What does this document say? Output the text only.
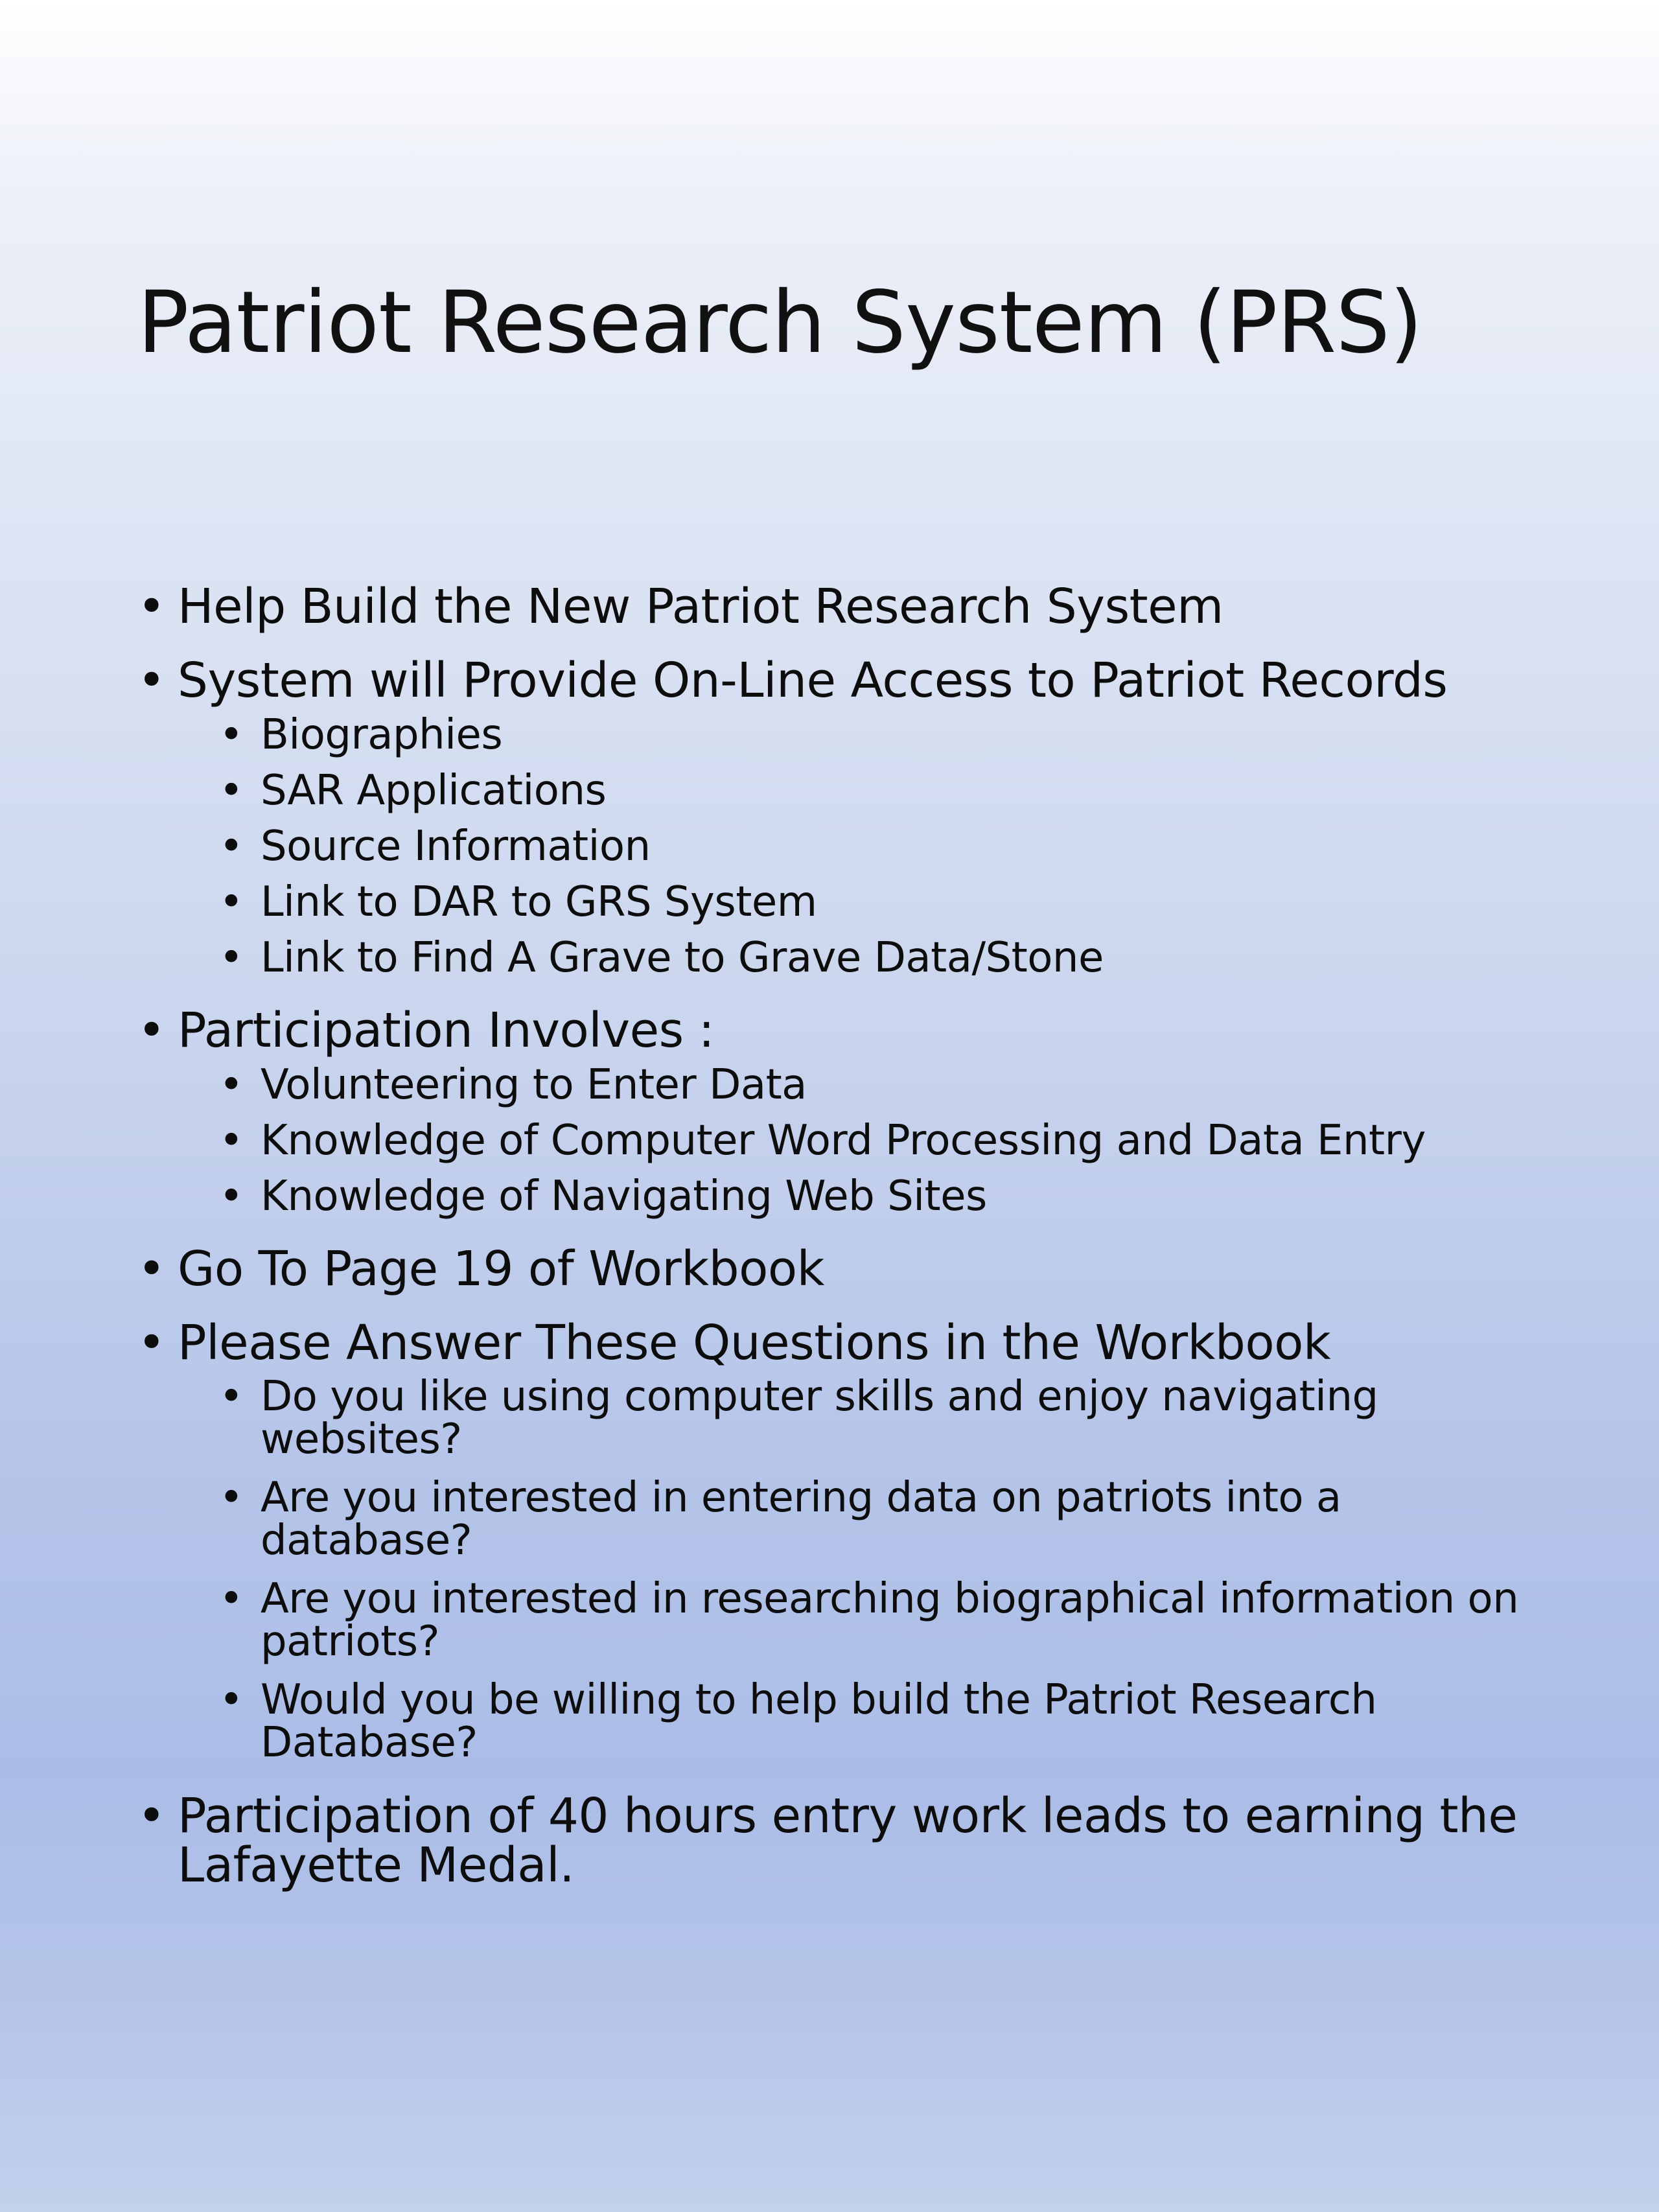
Patriot Research System (PRS)
• Help Build the New Patriot Research System
• System will Provide On-Line Access to Patriot Records
• Biographies
• SAR Applications
• Source Information
• Link to DAR to GRS System
• Link to Find A Grave to Grave Data/Stone
• Participation Involves :
• Volunteering to Enter Data
• Knowledge of Computer Word Processing and Data Entry
• Knowledge of Navigating Web Sites
• Go To Page 19 of Workbook
• Please Answer These Questions in the Workbook
• Do you like using computer skills and enjoy navigating websites?
• Are you interested in entering data on patriots into a database?
• Are you interested in researching biographical information on patriots?
• Would you be willing to help build the Patriot Research Database?
• Participation of 40 hours entry work leads to earning the Lafayette Medal.
